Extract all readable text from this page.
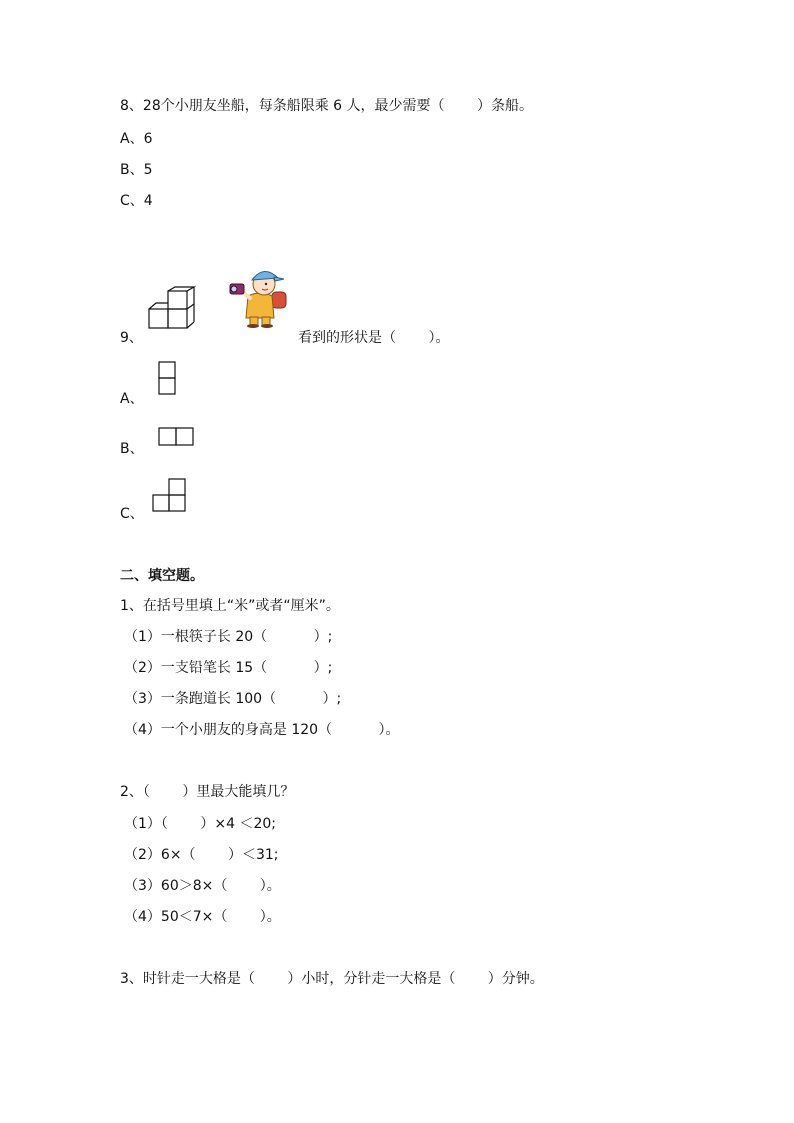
8、28个小朋友坐船，每条船限乘 6 人，最少需要（　　 ）条船。
A、6
B、5
C、4
9、	看到的形状是（　　 ）。
A、
B、
C、
二、填空题。
1、在括号里填上“米”或者“厘米”。
（1）一根筷子长 20（　　　 ）;
（2）一支铅笔长 15（　　　 ）;
（3）一条跑道长 100（　　　 ）;
（4）一个小朋友的身高是 120（　　　 ）。
2、（　　 ）里最大能填几？
（1）（　　 ）×4 ＜20;
（2）6×（　　 ）＜31;
（3）60＞8×（　　 ）。
（4）50＜7×（　　 ）。
3、时针走一大格是（　　 ）小时，分针走一大格是（　　 ）分钟。
